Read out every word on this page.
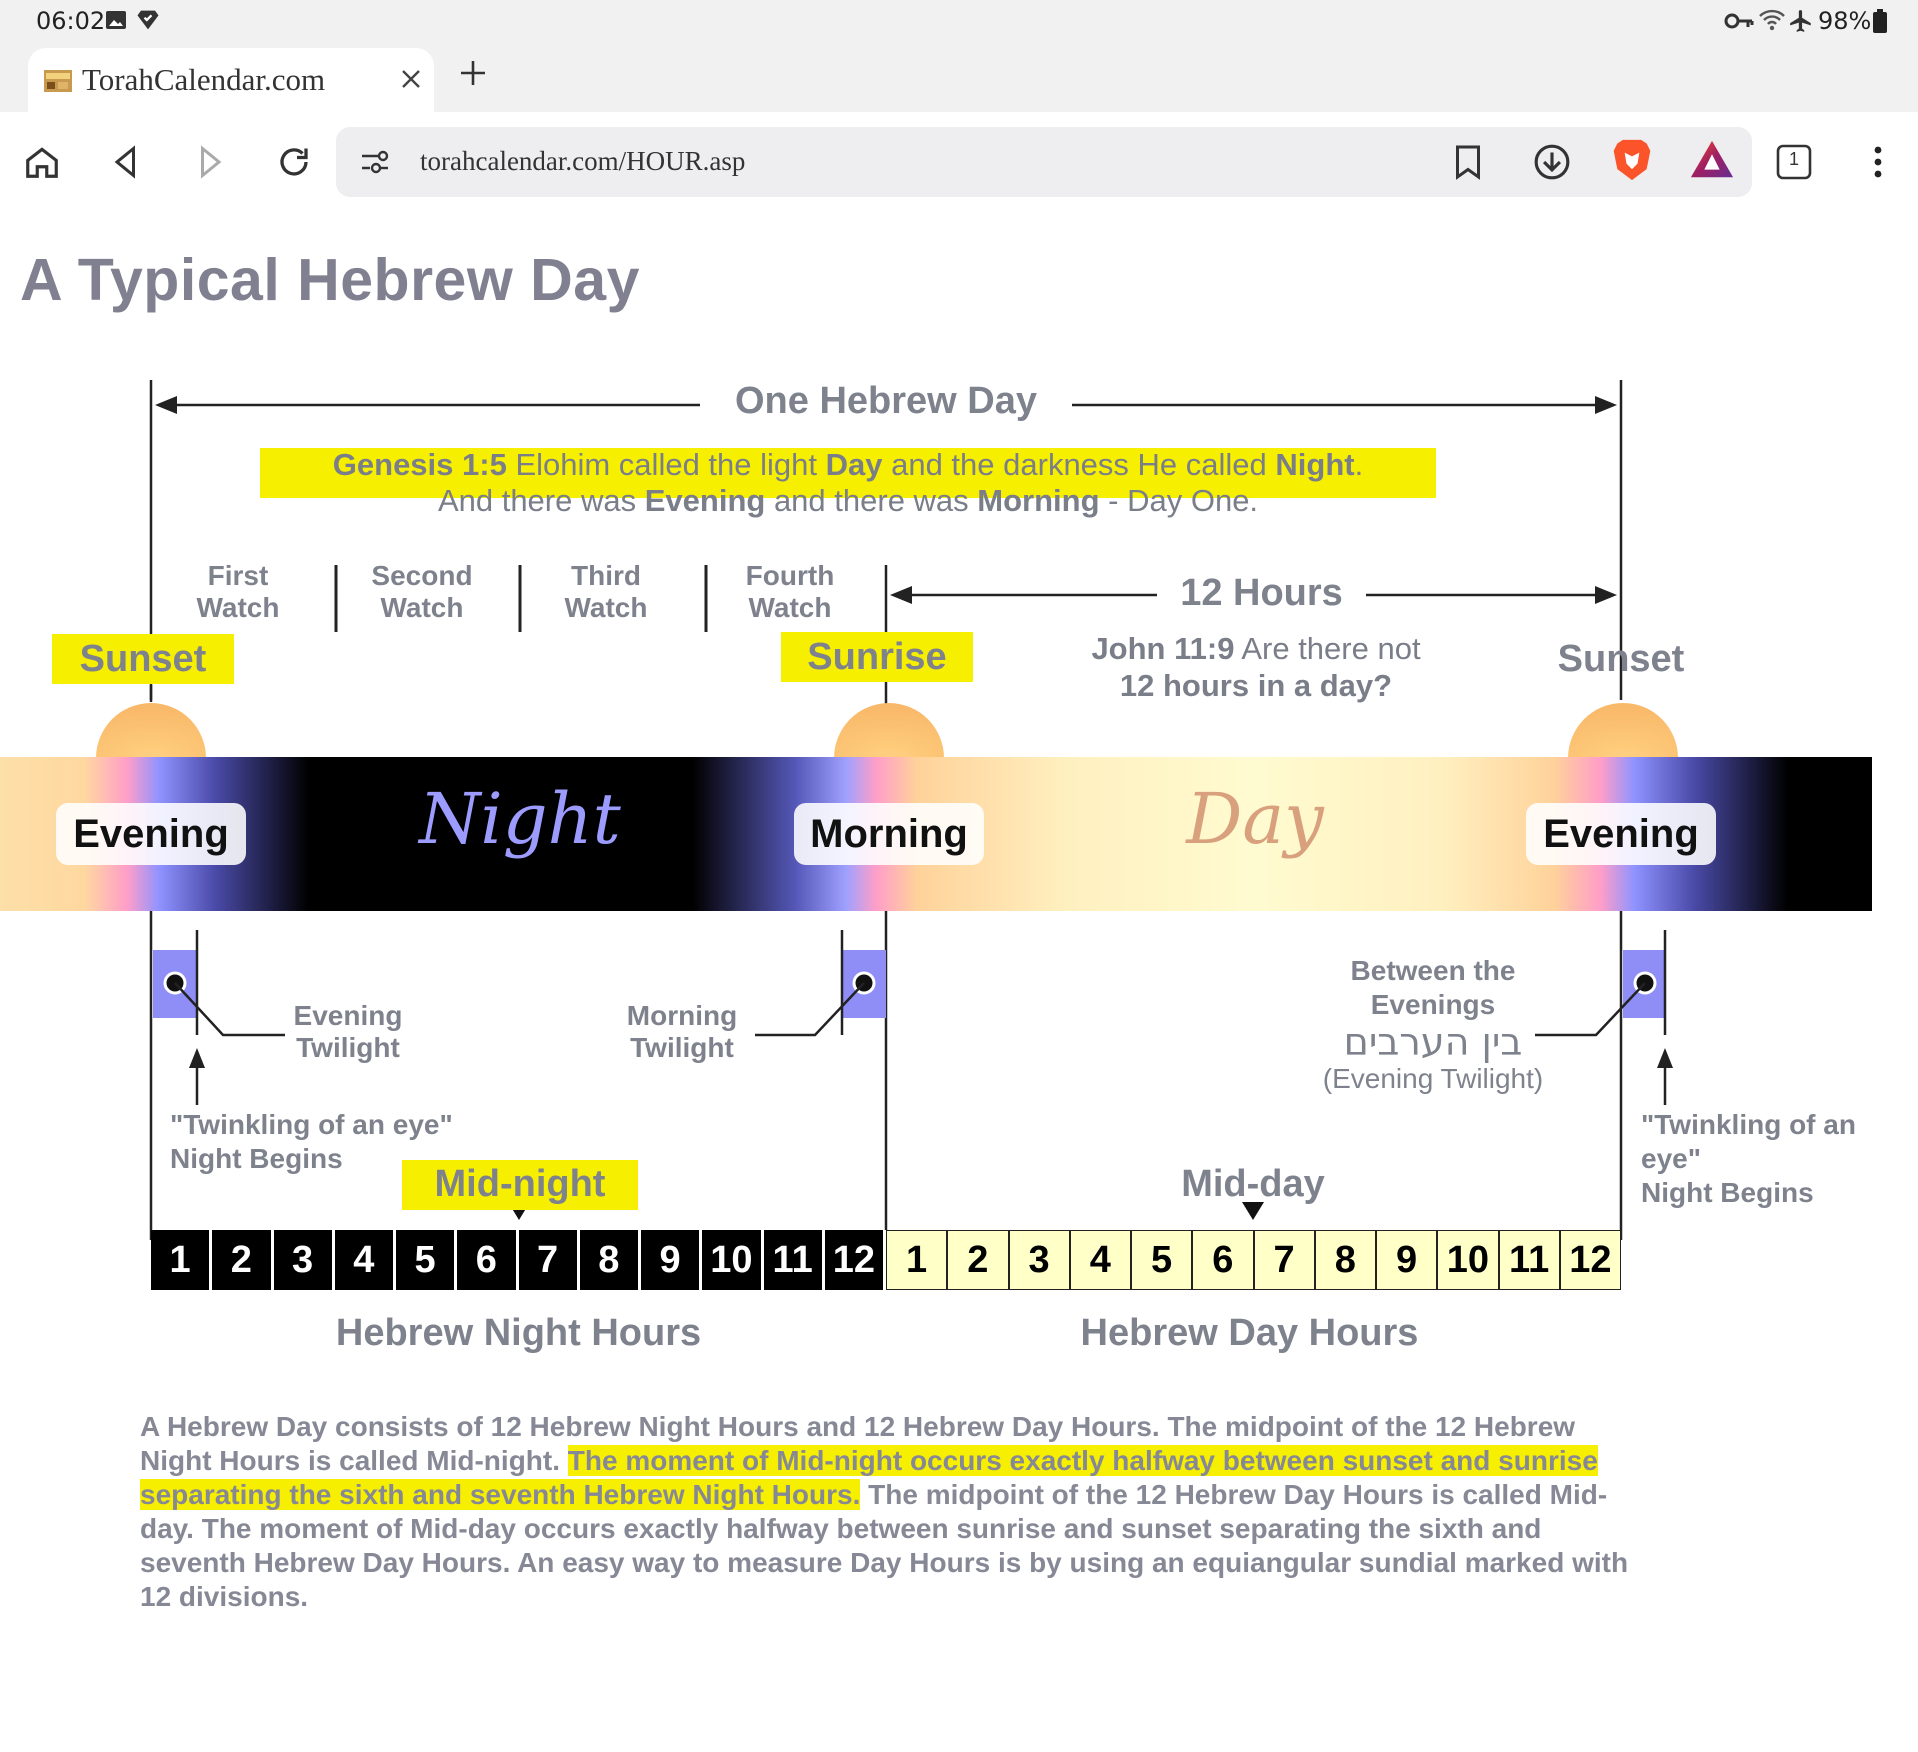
06:02	98%
TorahCalendar.com
torahcalendar.com/HOUR.asp	1
A Typical Hebrew Day
One Hebrew Day
Genesis 1:5 Elohim called the light Day and the darkness He called Night.
And there was Evening and there was Morning - Day One.
First
Watch
Second
Watch
Third
Watch
Fourth
Watch	12 Hours
John 11:9 Are there not
12 hours in a day?
Sunset	Sunrise	Sunset
Evening	Night	Morning	Day	Evening
Evening
Twilight
Morning
Twilight
Between the
Evenings
בין הערבים
(Evening Twilight)
"Twinkling of an eye"
Night Begins
"Twinkling of an eye"
Night Begins
Mid-night	Mid-day
1	2	3	4	5	6	7	8	9 10 11 12 1	2	3	4	5	6	7	8	9 10 11 12
Hebrew Night Hours	Hebrew Day Hours
A Hebrew Day consists of 12 Hebrew Night Hours and 12 Hebrew Day Hours. The midpoint of the 12 Hebrew Night Hours is called Mid-night. The moment of Mid-night occurs exactly halfway between sunset and sunrise separating the sixth and seventh Hebrew Night Hours. The midpoint of the 12 Hebrew Day Hours is called Mid-day. The moment of Mid-day occurs exactly halfway between sunrise and sunset separating the sixth and seventh Hebrew Day Hours. An easy way to measure Day Hours is by using an equiangular sundial marked with 12 divisions.
